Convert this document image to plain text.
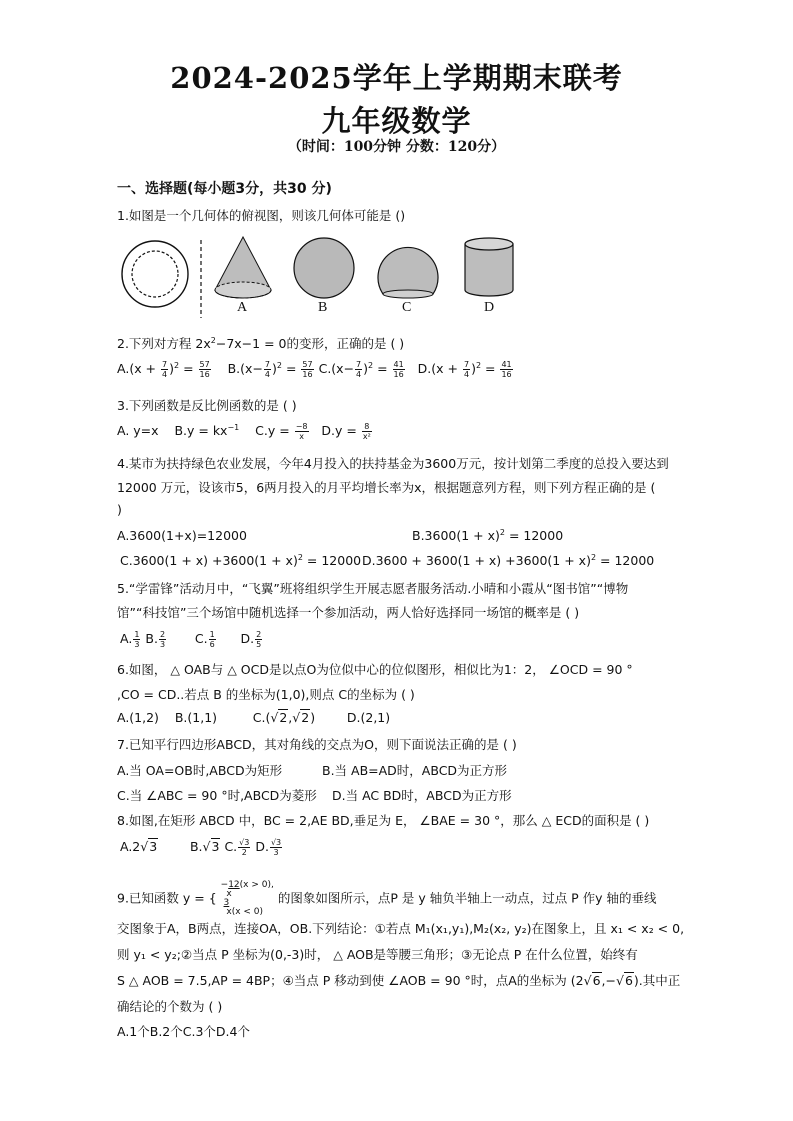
2024-2025学年上学期期末联考
九年级数学
（时间：100分钟 分数：120分）
一、选择题(每小题3分，共30 分)
1.如图是一个几何体的俯视图，则该几何体可能是 ()
A	B	C	D
2.下列对方程 $2x^2-7x-1 = 0$的变形，正确的是 ( )
$A.(x + \frac{7}{4} )^2 = \frac{57}{16} B.(x- \frac{7}{4} )^2 = \frac{57}{16} C.(x- \frac{7}{4} )^2 = \frac{41}{16} D.(x + \frac{7}{4} )^2 = \frac{41}{16}$
3.下列函数是反比例函数的是 ( )
A. y=x $B.y = kx^{-1}$ $C.y = \frac{-8}{x} D.y = \frac{8}{\text{x²}}$
4.某市为扶持绿色农业发展，今年4月投入的扶持基金为3600万元，按计划第二季度的总投入要达到
12000 万元，设该市5，6两月投入的月平均增长率为x，根据题意列方程，则下列方程正确的是 (
)
A.3600(1+x)=12000	$B.3600(1 + x)^2 = 12000$
$C.3600(1 + x) +3600(1 + x)^2 = 12000$ $D.3600 + 3600(1 + x) +3600(1 + x)^2 = 12000$
5.“学雷锋”活动月中，“飞翼”班将组织学生开展志愿者服务活动.小晴和小霞从“图书馆”“博物
馆”“科技馆”三个场馆中随机选择一个参加活动，两人恰好选择同一场馆的概率是 ( )
A. $\frac{1}{3} B$. $\frac{2}{3} C$. $\frac{1}{6} D$. $\frac{2}{5}$
6.如图， △ OAB与 △ OCD是以点O为位似中心的位似图形，相似比为1：2， ∠OCD = 90 °
,CO = CD..若点 B 的坐标为(1,0),则点 C的坐标为 ( )
A.(1,2) B.(1,1)	C.(√2,√2)	D.(2,1)
7.已知平行四边形ABCD，其对角线的交点为O，则下面说法正确的是 ( )
A.当 OA=OB时,ABCD为矩形	B.当 AB=AD时，ABCD为正方形
C.当 ∠ABC = 90 °时,ABCD为菱形 D.当 AC BD时，ABCD为正方形
8.如图,在矩形 ABCD 中，BC = 2,AE BD,垂足为 E， ∠BAE = 30 °，那么 △ ECD的面积是 ( )
A.2√3	B.√3 C. $\frac{√3}{2} D$. $\frac{√3}{3}$
9.已知函数 y = {
−12(x > 0),
x
3
x(x < 0)
的图象如图所示，点P 是 y 轴负半轴上一动点，过点 P 作y 轴的垂线
交图象于A，B两点，连接OA，OB.下列结论：①若点 M₁(x₁,y₁),M₂(x₂, y₂)在图象上，且 x₁ < x₂ < 0,
则 y₁ < y₂;②当点 P 坐标为(0,-3)时， △ AOB是等腰三角形；③无论点 P 在什么位置，始终有
S △ AOB = 7.5,AP = 4BP；④当点 P 移动到使 ∠AOB = 90 °时，点A的坐标为 (2√6,−√6).其中正
确结论的个数为 ( )
A.1个B.2个C.3个D.4个
